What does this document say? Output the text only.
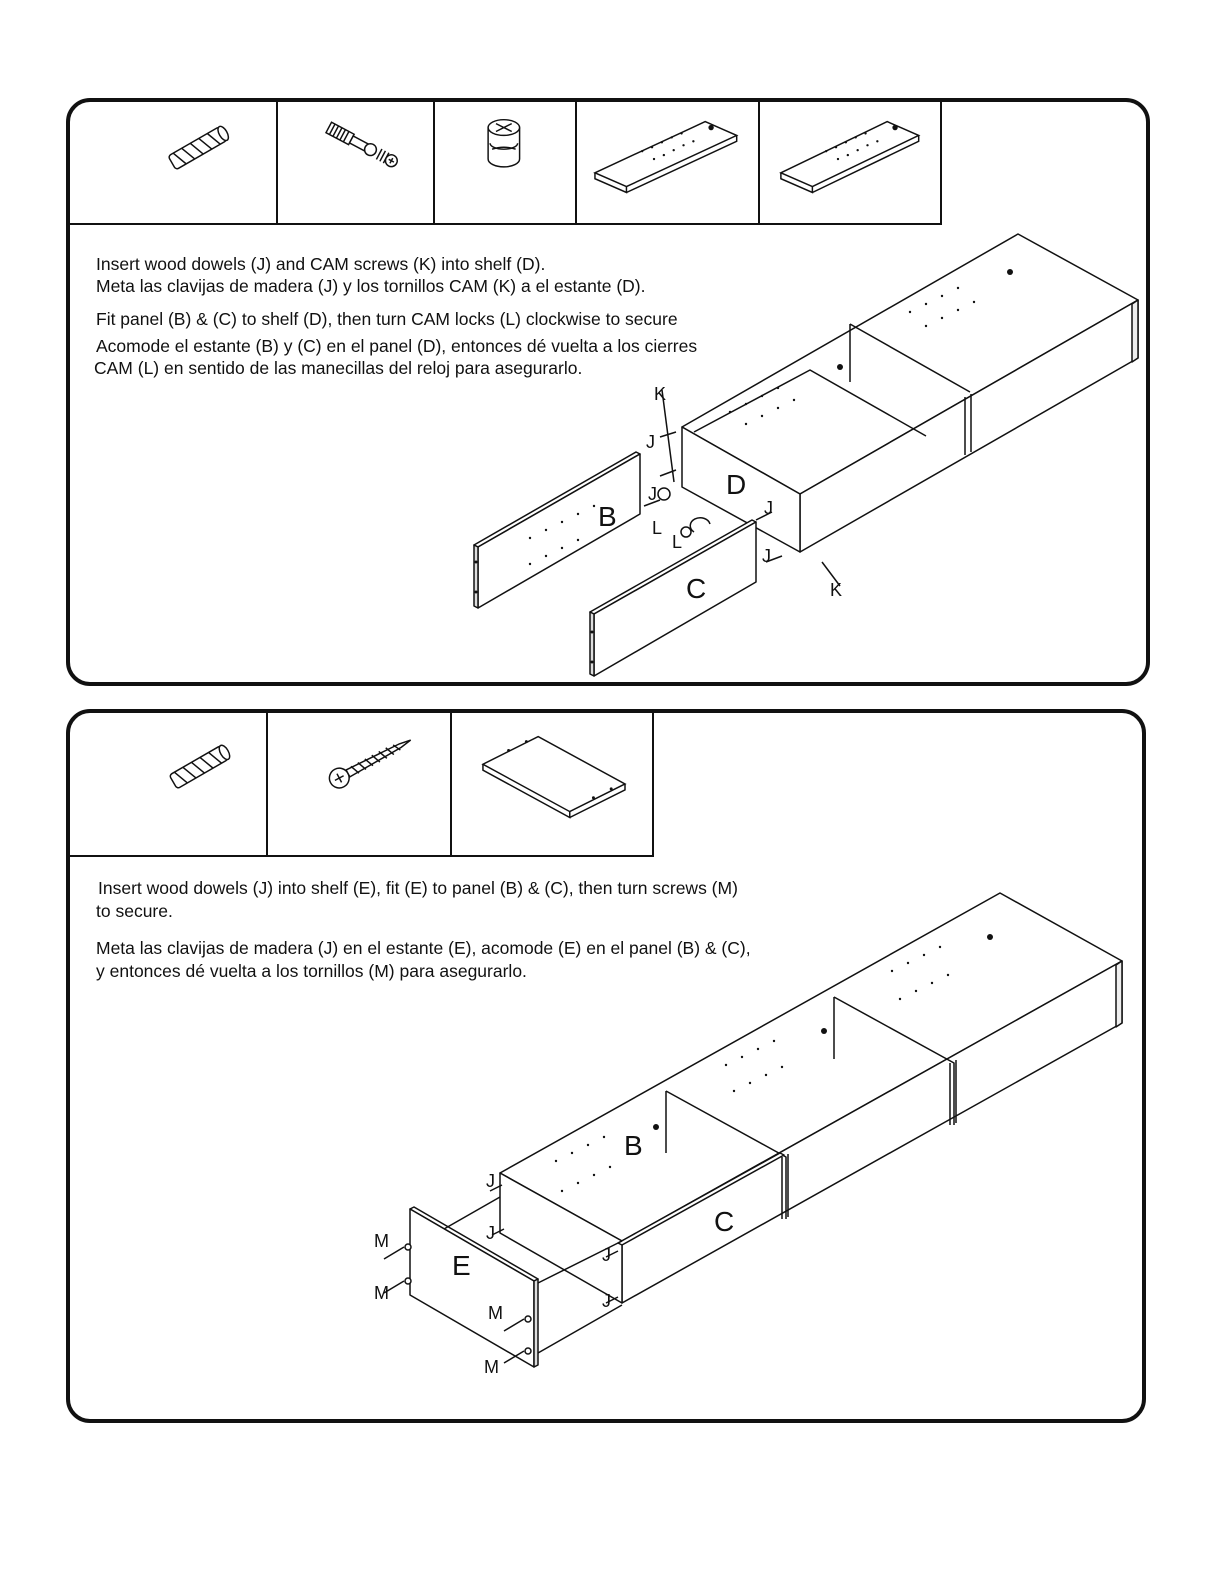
Insert wood dowels (J) and CAM screws (K) into shelf (D).

Meta las clavijas de madera (J) y los tornillos CAM (K) a el estante (D).

Fit panel (B) & (C) to shelf (D), then turn CAM locks (L) clockwise to secure

Acomode el estante (B) y (C) en el panel (D), entonces dé vuelta a los cierres

CAM (L) en sentido de las manecillas del reloj para asegurarlo.

K
J
D
J
B
J
L
L
J
C	K

Insert wood dowels (J) into shelf (E), fit (E) to panel (B) & (C), then turn screws (M)

to secure.

Meta las clavijas de madera (J) en el estante (E), acomode (E) en el panel (B) & (C),

y entonces dé vuelta a los tornillos (M) para asegurarlo.

B
C
E
J
J
J
J
M
M
M
M
